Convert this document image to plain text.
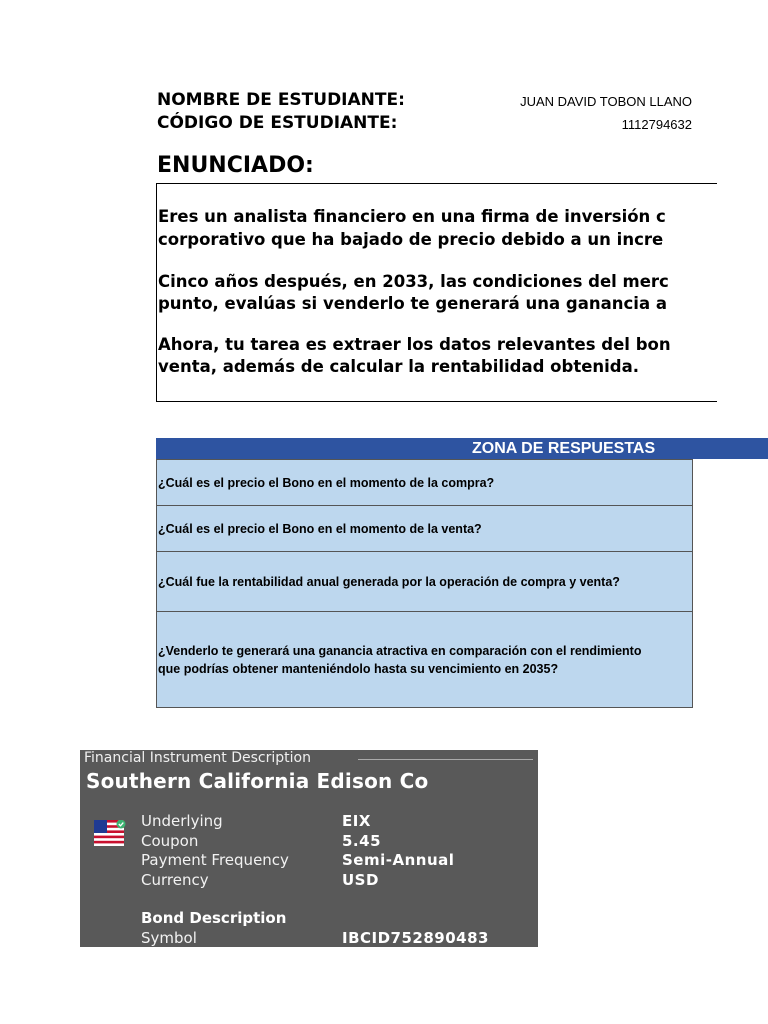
NOMBRE DE ESTUDIANTE:	JUAN DAVID TOBON LLANO
CÓDIGO DE ESTUDIANTE:	1112794632
ENUNCIADO:

Eres un analista financiero en una firma de inversión c

corporativo que ha bajado de precio debido a un incre

Cinco años después, en 2033, las condiciones del merc

punto, evalúas si venderlo te generará una ganancia a

Ahora, tu tarea es extraer los datos relevantes del bon

venta, además de calcular la rentabilidad obtenida.

ZONA DE RESPUESTAS
¿Cuál es el precio el Bono en el momento de la compra?
¿Cuál es el precio el Bono en el momento de la venta?
¿Cuál fue la rentabilidad anual generada por la operación de compra y venta?
¿Venderlo te generará una ganancia atractiva en comparación con el rendimiento
que podrías obtener manteniéndolo hasta su vencimiento en 2035?
Financial Instrument Description
Southern California Edison Co
Underlying	EIX
Coupon	5.45
Payment Frequency	Semi-Annual
Currency	USD
Bond Description
Symbol	IBCID752890483
